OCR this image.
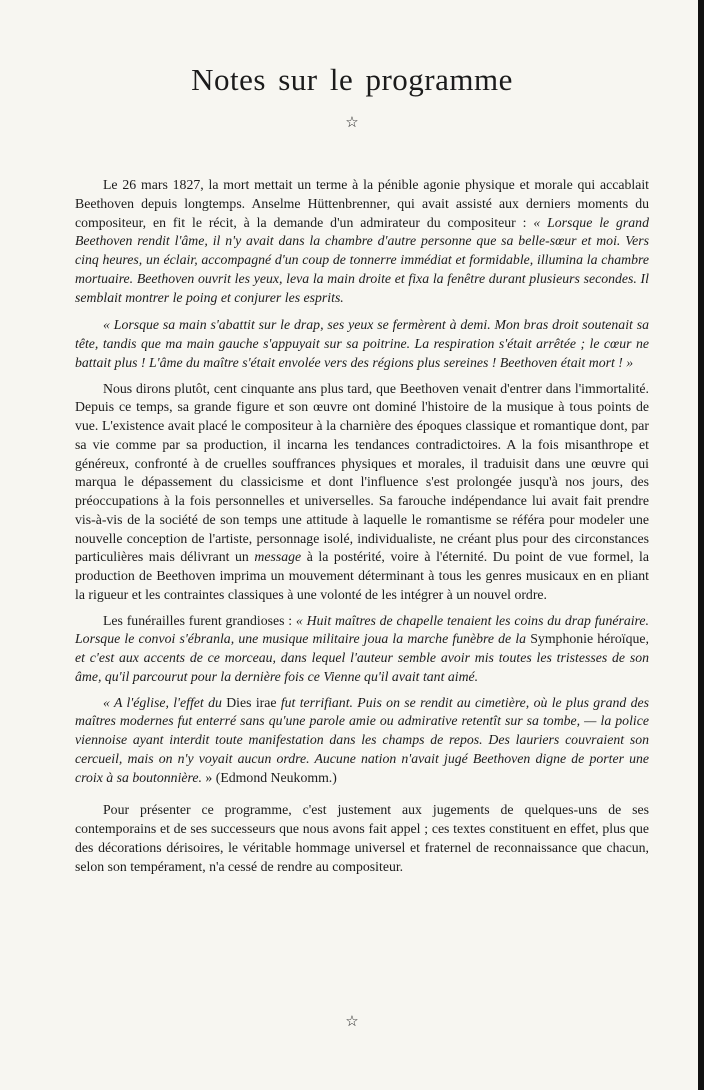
Notes sur le programme
☆

Le 26 mars 1827, la mort mettait un terme à la pénible agonie physique et morale qui accablait Beethoven depuis longtemps. Anselme Hüttenbrenner, qui avait assisté aux derniers moments du compositeur, en fit le récit, à la demande d'un admirateur du compositeur : « Lorsque le grand Beethoven rendit l'âme, il n'y avait dans la chambre d'autre personne que sa belle-sœur et moi. Vers cinq heures, un éclair, accompagné d'un coup de tonnerre immédiat et formidable, illumina la chambre mortuaire. Beethoven ouvrit les yeux, leva la main droite et fixa la fenêtre durant plusieurs secondes. Il semblait montrer le poing et conjurer les esprits.

« Lorsque sa main s'abattit sur le drap, ses yeux se fermèrent à demi. Mon bras droit soutenait sa tête, tandis que ma main gauche s'appuyait sur sa poitrine. La respiration s'était arrêtée ; le cœur ne battait plus ! L'âme du maître s'était envolée vers des régions plus sereines ! Beethoven était mort ! »

Nous dirons plutôt, cent cinquante ans plus tard, que Beethoven venait d'entrer dans l'immortalité. Depuis ce temps, sa grande figure et son œuvre ont dominé l'histoire de la musique à tous points de vue. L'existence avait placé le compositeur à la charnière des époques classique et romantique dont, par sa vie comme par sa production, il incarna les tendances contradictoires. A la fois misanthrope et généreux, confronté à de cruelles souffrances physiques et morales, il traduisit dans une œuvre qui marqua le dépassement du classicisme et dont l'influence s'est prolongée jusqu'à nos jours, des préoccupations à la fois personnelles et universelles. Sa farouche indépendance lui avait fait prendre vis-à-vis de la société de son temps une attitude à laquelle le romantisme se référa pour modeler une nouvelle conception de l'artiste, personnage isolé, individualiste, ne créant plus pour des circonstances particulières mais délivrant un message à la postérité, voire à l'éternité. Du point de vue formel, la production de Beethoven imprima un mouvement déterminant à tous les genres musicaux en en pliant la rigueur et les contraintes classiques à une volonté de les intégrer à un nouvel ordre.

Les funérailles furent grandioses : « Huit maîtres de chapelle tenaient les coins du drap funéraire. Lorsque le convoi s'ébranla, une musique militaire joua la marche funèbre de la Symphonie héroïque, et c'est aux accents de ce morceau, dans lequel l'auteur semble avoir mis toutes les tristesses de son âme, qu'il parcourut pour la dernière fois ce Vienne qu'il avait tant aimé.

« A l'église, l'effet du Dies irae fut terrifiant. Puis on se rendit au cimetière, où le plus grand des maîtres modernes fut enterré sans qu'une parole amie ou admirative retentît sur sa tombe, — la police viennoise ayant interdit toute manifestation dans les champs de repos. Des lauriers couvraient son cercueil, mais on n'y voyait aucun ordre. Aucune nation n'avait jugé Beethoven digne de porter une croix à sa boutonnière. » (Edmond Neukomm.)

Pour présenter ce programme, c'est justement aux jugements de quelques-uns de ses contemporains et de ses successeurs que nous avons fait appel ; ces textes constituent en effet, plus que des décorations dérisoires, le véritable hommage universel et fraternel de reconnaissance que chacun, selon son tempérament, n'a cessé de rendre au compositeur.

☆
